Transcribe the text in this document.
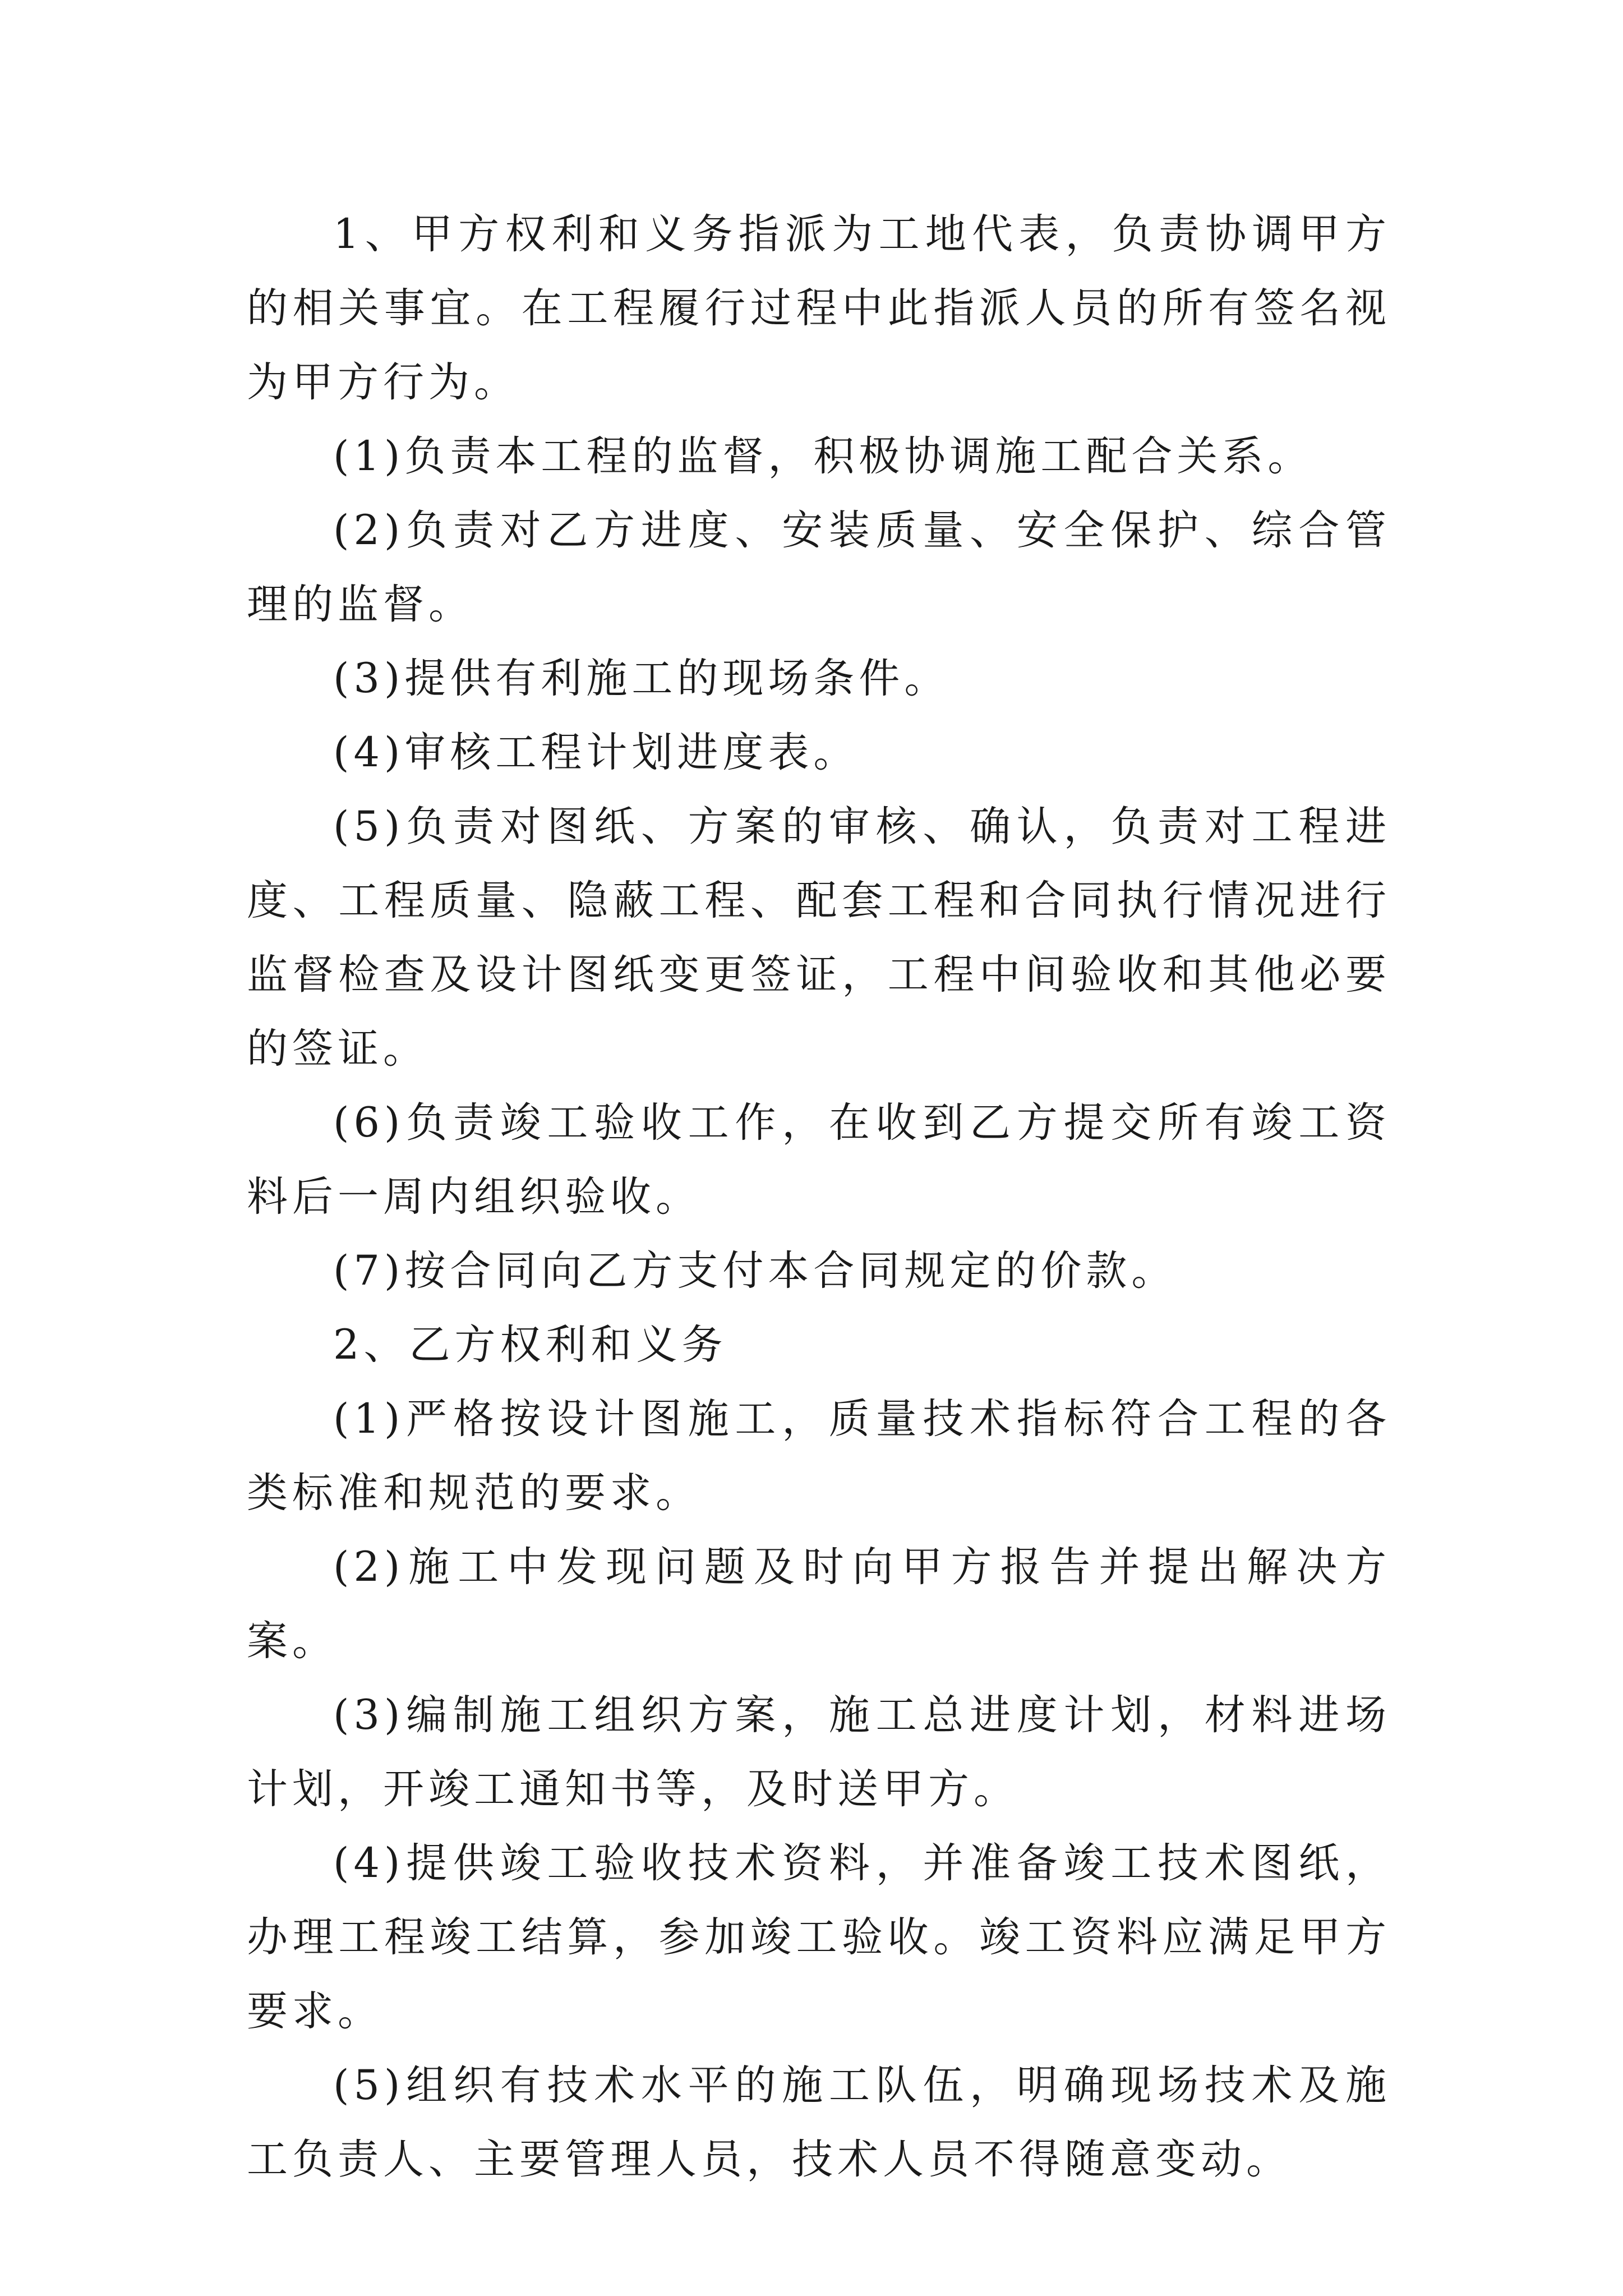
1、甲方权利和义务指派为工地代表，负责协调甲方的相关事宜。在工程履行过程中此指派人员的所有签名视为甲方行为。

(1)负责本工程的监督，积极协调施工配合关系。

(2)负责对乙方进度、安装质量、安全保护、综合管理的监督。

(3)提供有利施工的现场条件。

(4)审核工程计划进度表。

(5)负责对图纸、方案的审核、确认，负责对工程进度、工程质量、隐蔽工程、配套工程和合同执行情况进行监督检查及设计图纸变更签证，工程中间验收和其他必要的签证。

(6)负责竣工验收工作，在收到乙方提交所有竣工资料后一周内组织验收。

(7)按合同向乙方支付本合同规定的价款。

2、乙方权利和义务

(1)严格按设计图施工，质量技术指标符合工程的各类标准和规范的要求。

(2)施工中发现问题及时向甲方报告并提出解决方案。

(3)编制施工组织方案，施工总进度计划，材料进场计划，开竣工通知书等，及时送甲方。

(4)提供竣工验收技术资料，并准备竣工技术图纸，办理工程竣工结算，参加竣工验收。竣工资料应满足甲方要求。

(5)组织有技术水平的施工队伍，明确现场技术及施工负责人、主要管理人员，技术人员不得随意变动。
